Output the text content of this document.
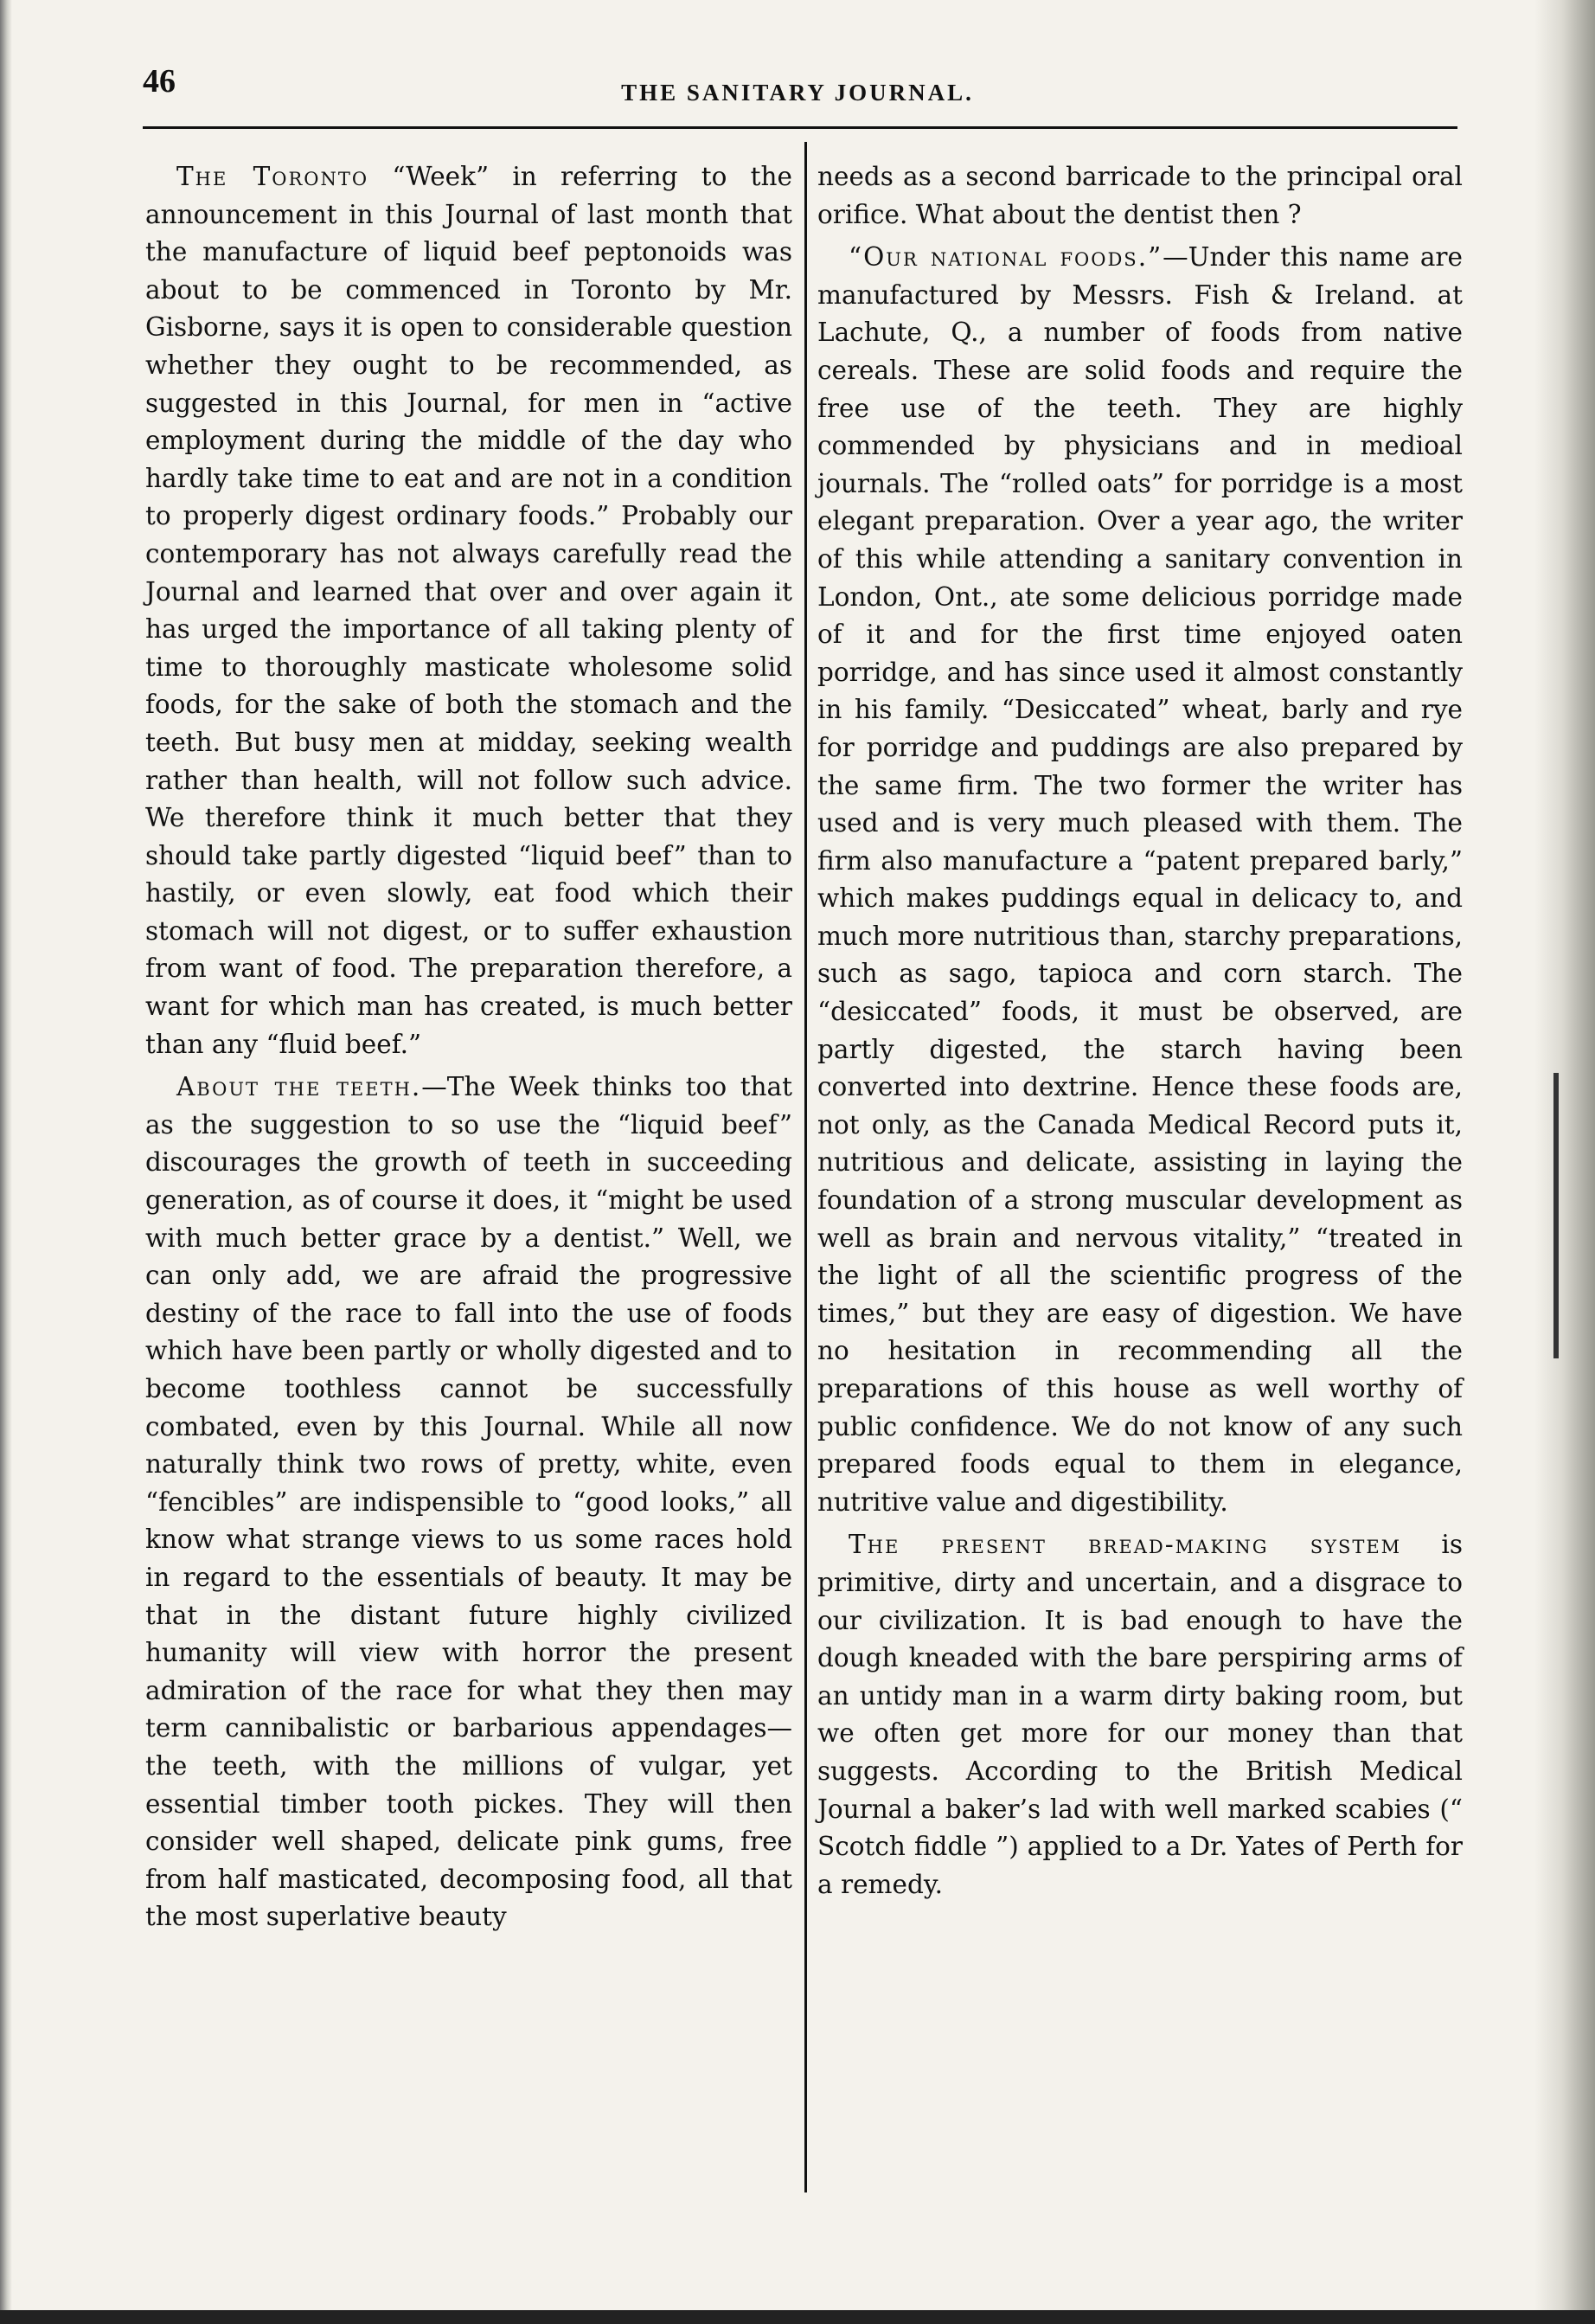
46	THE SANITARY JOURNAL.

The Toronto “Week” in referring to the announcement in this Journal of last month that the manufacture of liquid beef peptonoids was about to be commenced in Toronto by Mr. Gisborne, says it is open to considerable question whether they ought to be recommended, as suggested in this Journal, for men in “active employment during the middle of the day who hardly take time to eat and are not in a condition to properly digest ordinary foods.” Probably our contemporary has not always carefully read the Journal and learned that over and over again it has urged the importance of all taking plenty of time to thoroughly masticate wholesome solid foods, for the sake of both the stomach and the teeth. But busy men at midday, seeking wealth rather than health, will not follow such advice. We therefore think it much better that they should take partly digested “liquid beef” than to hastily, or even slowly, eat food which their stomach will not digest, or to suffer exhaustion from want of food. The preparation therefore, a want for which man has created, is much better than any “fluid beef.”

About the teeth.—The Week thinks too that as the suggestion to so use the “liquid beef” discourages the growth of teeth in succeeding generation, as of course it does, it “might be used with much better grace by a dentist.” Well, we can only add, we are afraid the progressive destiny of the race to fall into the use of foods which have been partly or wholly digested and to become toothless cannot be successfully combated, even by this Journal. While all now naturally think two rows of pretty, white, even “fencibles” are indispensible to “good looks,” all know what strange views to us some races hold in regard to the essentials of beauty. It may be that in the distant future highly civilized humanity will view with horror the present admiration of the race for what they then may term cannibalistic or barbarious appendages—the teeth, with the millions of vulgar, yet essential timber tooth pickes. They will then consider well shaped, delicate pink gums, free from half masticated, decomposing food, all that the most superlative beauty

needs as a second barricade to the principal oral orifice. What about the dentist then ?

“Our national foods.”—Under this name are manufactured by Messrs. Fish & Ireland. at Lachute, Q., a number of foods from native cereals. These are solid foods and require the free use of the teeth. They are highly commended by physicians and in medioal journals. The “rolled oats” for porridge is a most elegant preparation. Over a year ago, the writer of this while attending a sanitary convention in London, Ont., ate some delicious porridge made of it and for the first time enjoyed oaten porridge, and has since used it almost constantly in his family. “Desiccated” wheat, barly and rye for porridge and puddings are also prepared by the same firm. The two former the writer has used and is very much pleased with them. The firm also manufacture a “patent prepared barly,” which makes puddings equal in delicacy to, and much more nutritious than, starchy preparations, such as sago, tapioca and corn starch. The “desiccated” foods, it must be observed, are partly digested, the starch having been converted into dextrine. Hence these foods are, not only, as the Canada Medical Record puts it, nutritious and delicate, assisting in laying the foundation of a strong muscular development as well as brain and nervous vitality,” “treated in the light of all the scientific progress of the times,” but they are easy of digestion. We have no hesitation in recommending all the preparations of this house as well worthy of public confidence. We do not know of any such prepared foods equal to them in elegance, nutritive value and digestibility.

The present bread-making system is primitive, dirty and uncertain, and a disgrace to our civilization. It is bad enough to have the dough kneaded with the bare perspiring arms of an untidy man in a warm dirty baking room, but we often get more for our money than that suggests. According to the British Medical Journal a baker’s lad with well marked scabies (“ Scotch fiddle ”) applied to a Dr. Yates of Perth for a remedy.
